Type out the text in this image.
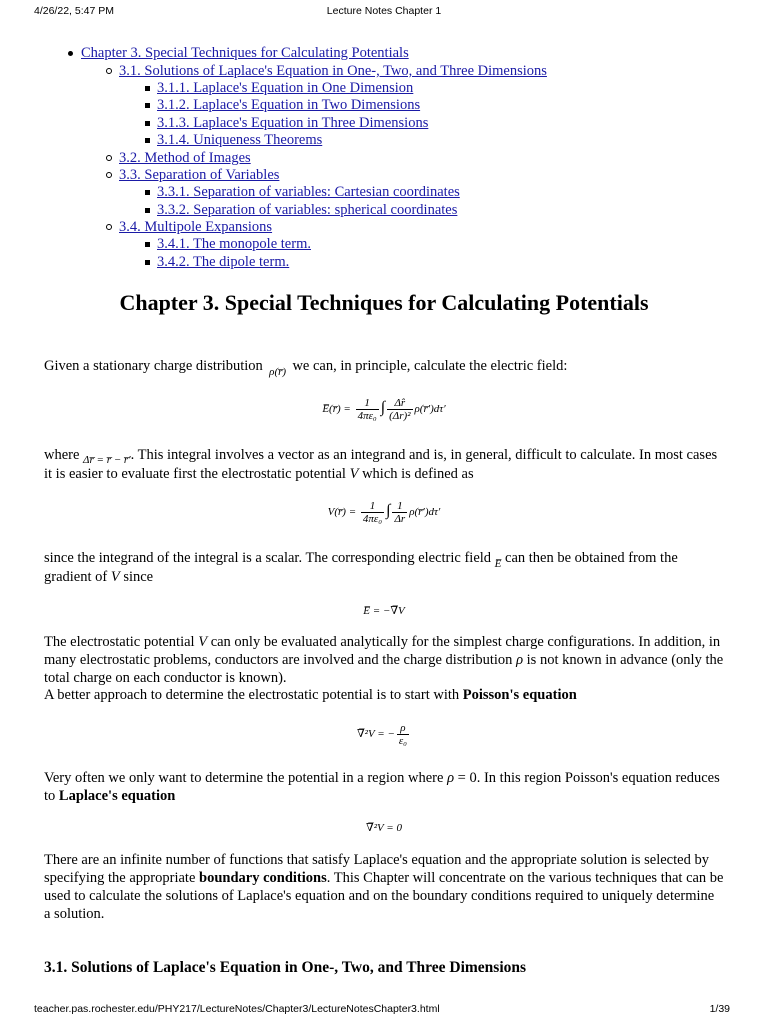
4/26/22, 5:47 PM	Lecture Notes Chapter 1
Chapter 3. Special Techniques for Calculating Potentials
3.1. Solutions of Laplace's Equation in One-, Two, and Three Dimensions
3.1.1. Laplace's Equation in One Dimension
3.1.2. Laplace's Equation in Two Dimensions
3.1.3. Laplace's Equation in Three Dimensions
3.1.4. Uniqueness Theorems
3.2. Method of Images
3.3. Separation of Variables
3.3.1. Separation of variables: Cartesian coordinates
3.3.2. Separation of variables: spherical coordinates
3.4. Multipole Expansions
3.4.1. The monopole term.
3.4.2. The dipole term.
Chapter 3. Special Techniques for Calculating Potentials
Given a stationary charge distribution  $_{\rho(r̅)}$  we can, in principle, calculate the electric field:
E̅(r̅) = $\frac{1}{\text{4πε₀}}$ ∫ $\frac{\Delta r̂}{\text{(Δr)²}}$ ρ(r̅′)dτ′
where $_{\Delta r̅ = r̅ - r̅'}$. This integral involves a vector as an integrand and is, in general, difficult to calculate. In most cases it is easier to evaluate first the electrostatic potential V which is defined as
V(r̅) = $\frac{1}{\text{4πε₀}}$ ∫ $\frac{1}{\Delta r}$ ρ(r̅′)dτ′
since the integrand of the integral is a scalar. The corresponding electric field $_{E̅}$ can then be obtained from the gradient of V since
E̅ = −∇̅V
The electrostatic potential V can only be evaluated analytically for the simplest charge configurations. In addition, in many electrostatic problems, conductors are involved and the charge distribution ρ is not known in advance (only the total charge on each conductor is known).
A better approach to determine the electrostatic potential is to start with Poisson's equation
∇̅²V = − $\frac{\rho}{\text{ε₀}}$
Very often we only want to determine the potential in a region where ρ = 0. In this region Poisson's equation reduces to Laplace's equation
∇̅²V = 0
There are an infinite number of functions that satisfy Laplace's equation and the appropriate solution is selected by specifying the appropriate boundary conditions. This Chapter will concentrate on the various techniques that can be used to calculate the solutions of Laplace's equation and on the boundary conditions required to uniquely determine a solution.
3.1. Solutions of Laplace's Equation in One-, Two, and Three Dimensions
teacher.pas.rochester.edu/PHY217/LectureNotes/Chapter3/LectureNotesChapter3.html	1/39
